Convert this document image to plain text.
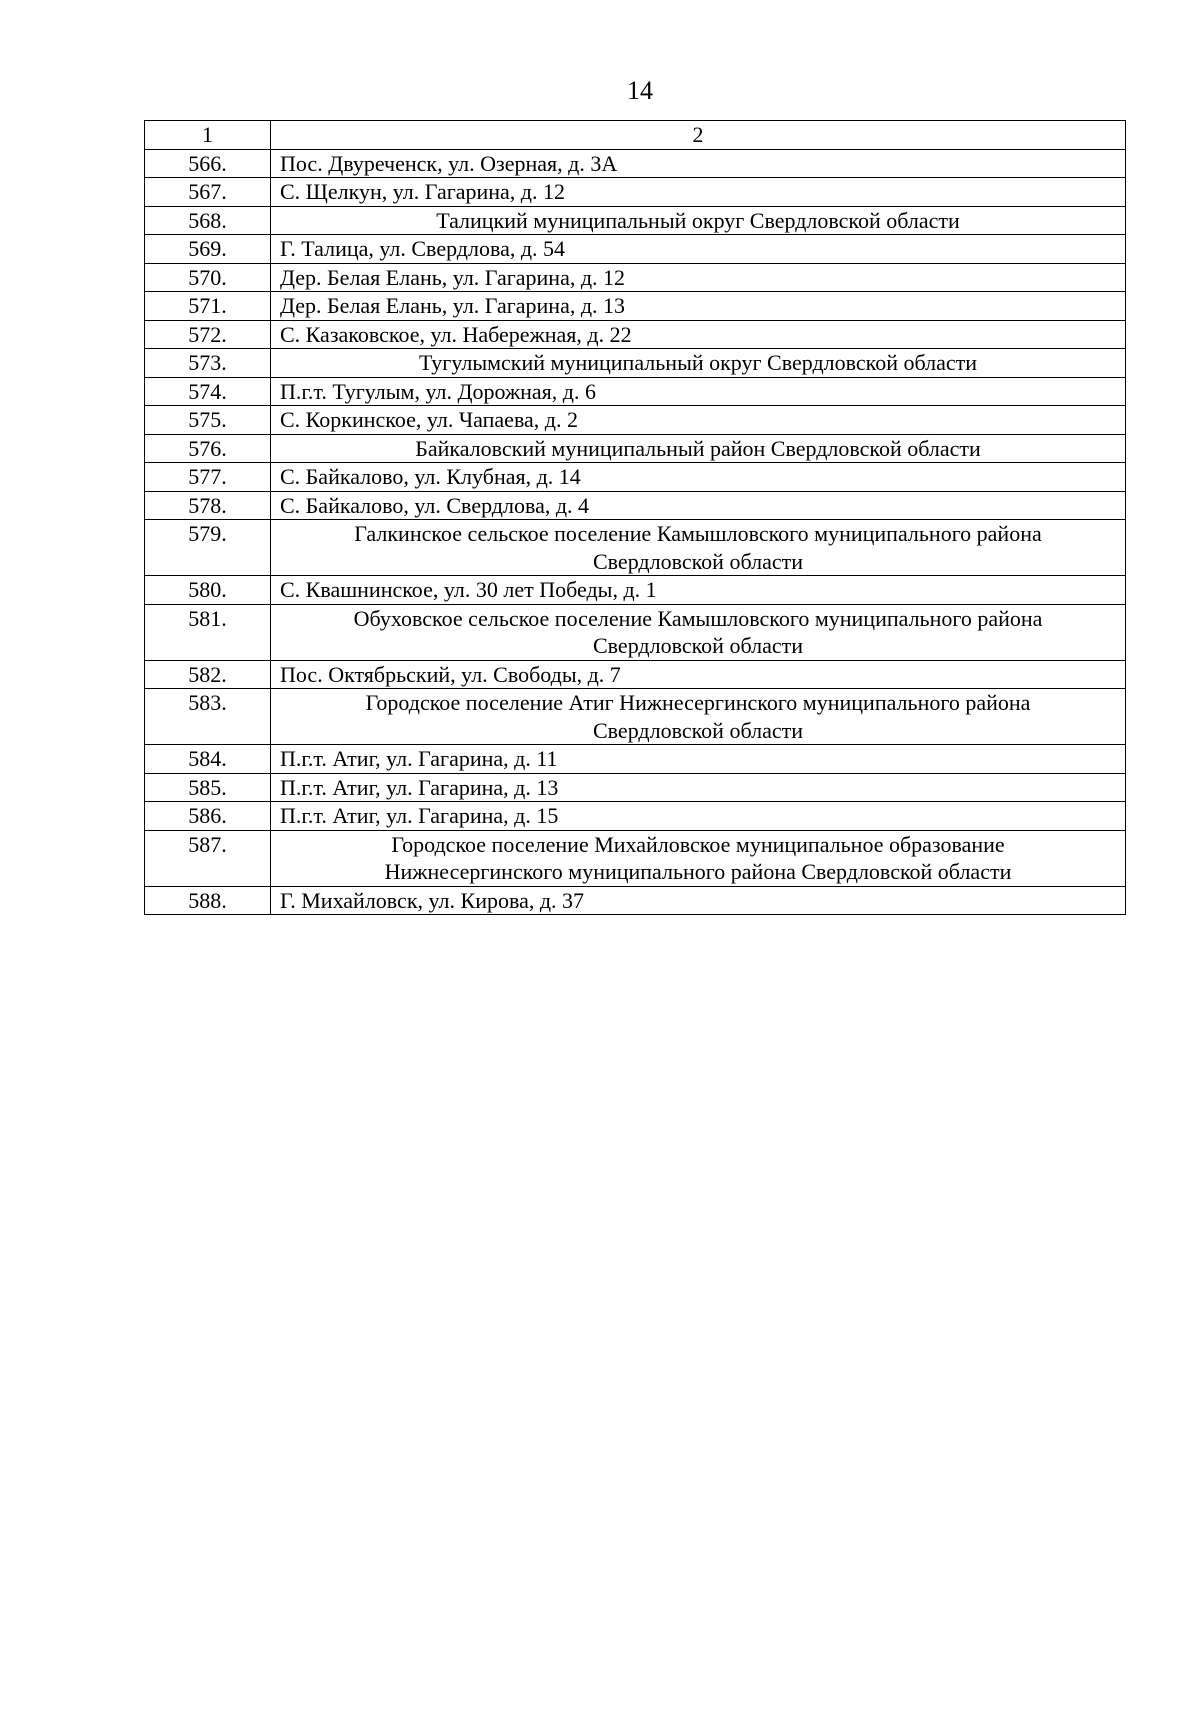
14
1	2
566.	Пос. Двуреченск, ул. Озерная, д. 3А
567.	С. Щелкун, ул. Гагарина, д. 12
568.	Талицкий муниципальный округ Свердловской области
569.	Г. Талица, ул. Свердлова, д. 54
570.	Дер. Белая Елань, ул. Гагарина, д. 12
571.	Дер. Белая Елань, ул. Гагарина, д. 13
572.	С. Казаковское, ул. Набережная, д. 22
573.	Тугулымский муниципальный округ Свердловской области
574.	П.г.т. Тугулым, ул. Дорожная, д. 6
575.	С. Коркинское, ул. Чапаева, д. 2
576.	Байкаловский муниципальный район Свердловской области
577.	С. Байкалово, ул. Клубная, д. 14
578.	С. Байкалово, ул. Свердлова, д. 4
579.	Галкинское сельское поселение Камышловского муниципального района Свердловской области
580.	С. Квашнинское, ул. 30 лет Победы, д. 1
581.	Обуховское сельское поселение Камышловского муниципального района Свердловской области
582.	Пос. Октябрьский, ул. Свободы, д. 7
583.	Городское поселение Атиг Нижнесергинского муниципального района Свердловской области
584.	П.г.т. Атиг, ул. Гагарина, д. 11
585.	П.г.т. Атиг, ул. Гагарина, д. 13
586.	П.г.т. Атиг, ул. Гагарина, д. 15
587.	Городское поселение Михайловское муниципальное образование Нижнесергинского муниципального района Свердловской области
588.	Г. Михайловск, ул. Кирова, д. 37
